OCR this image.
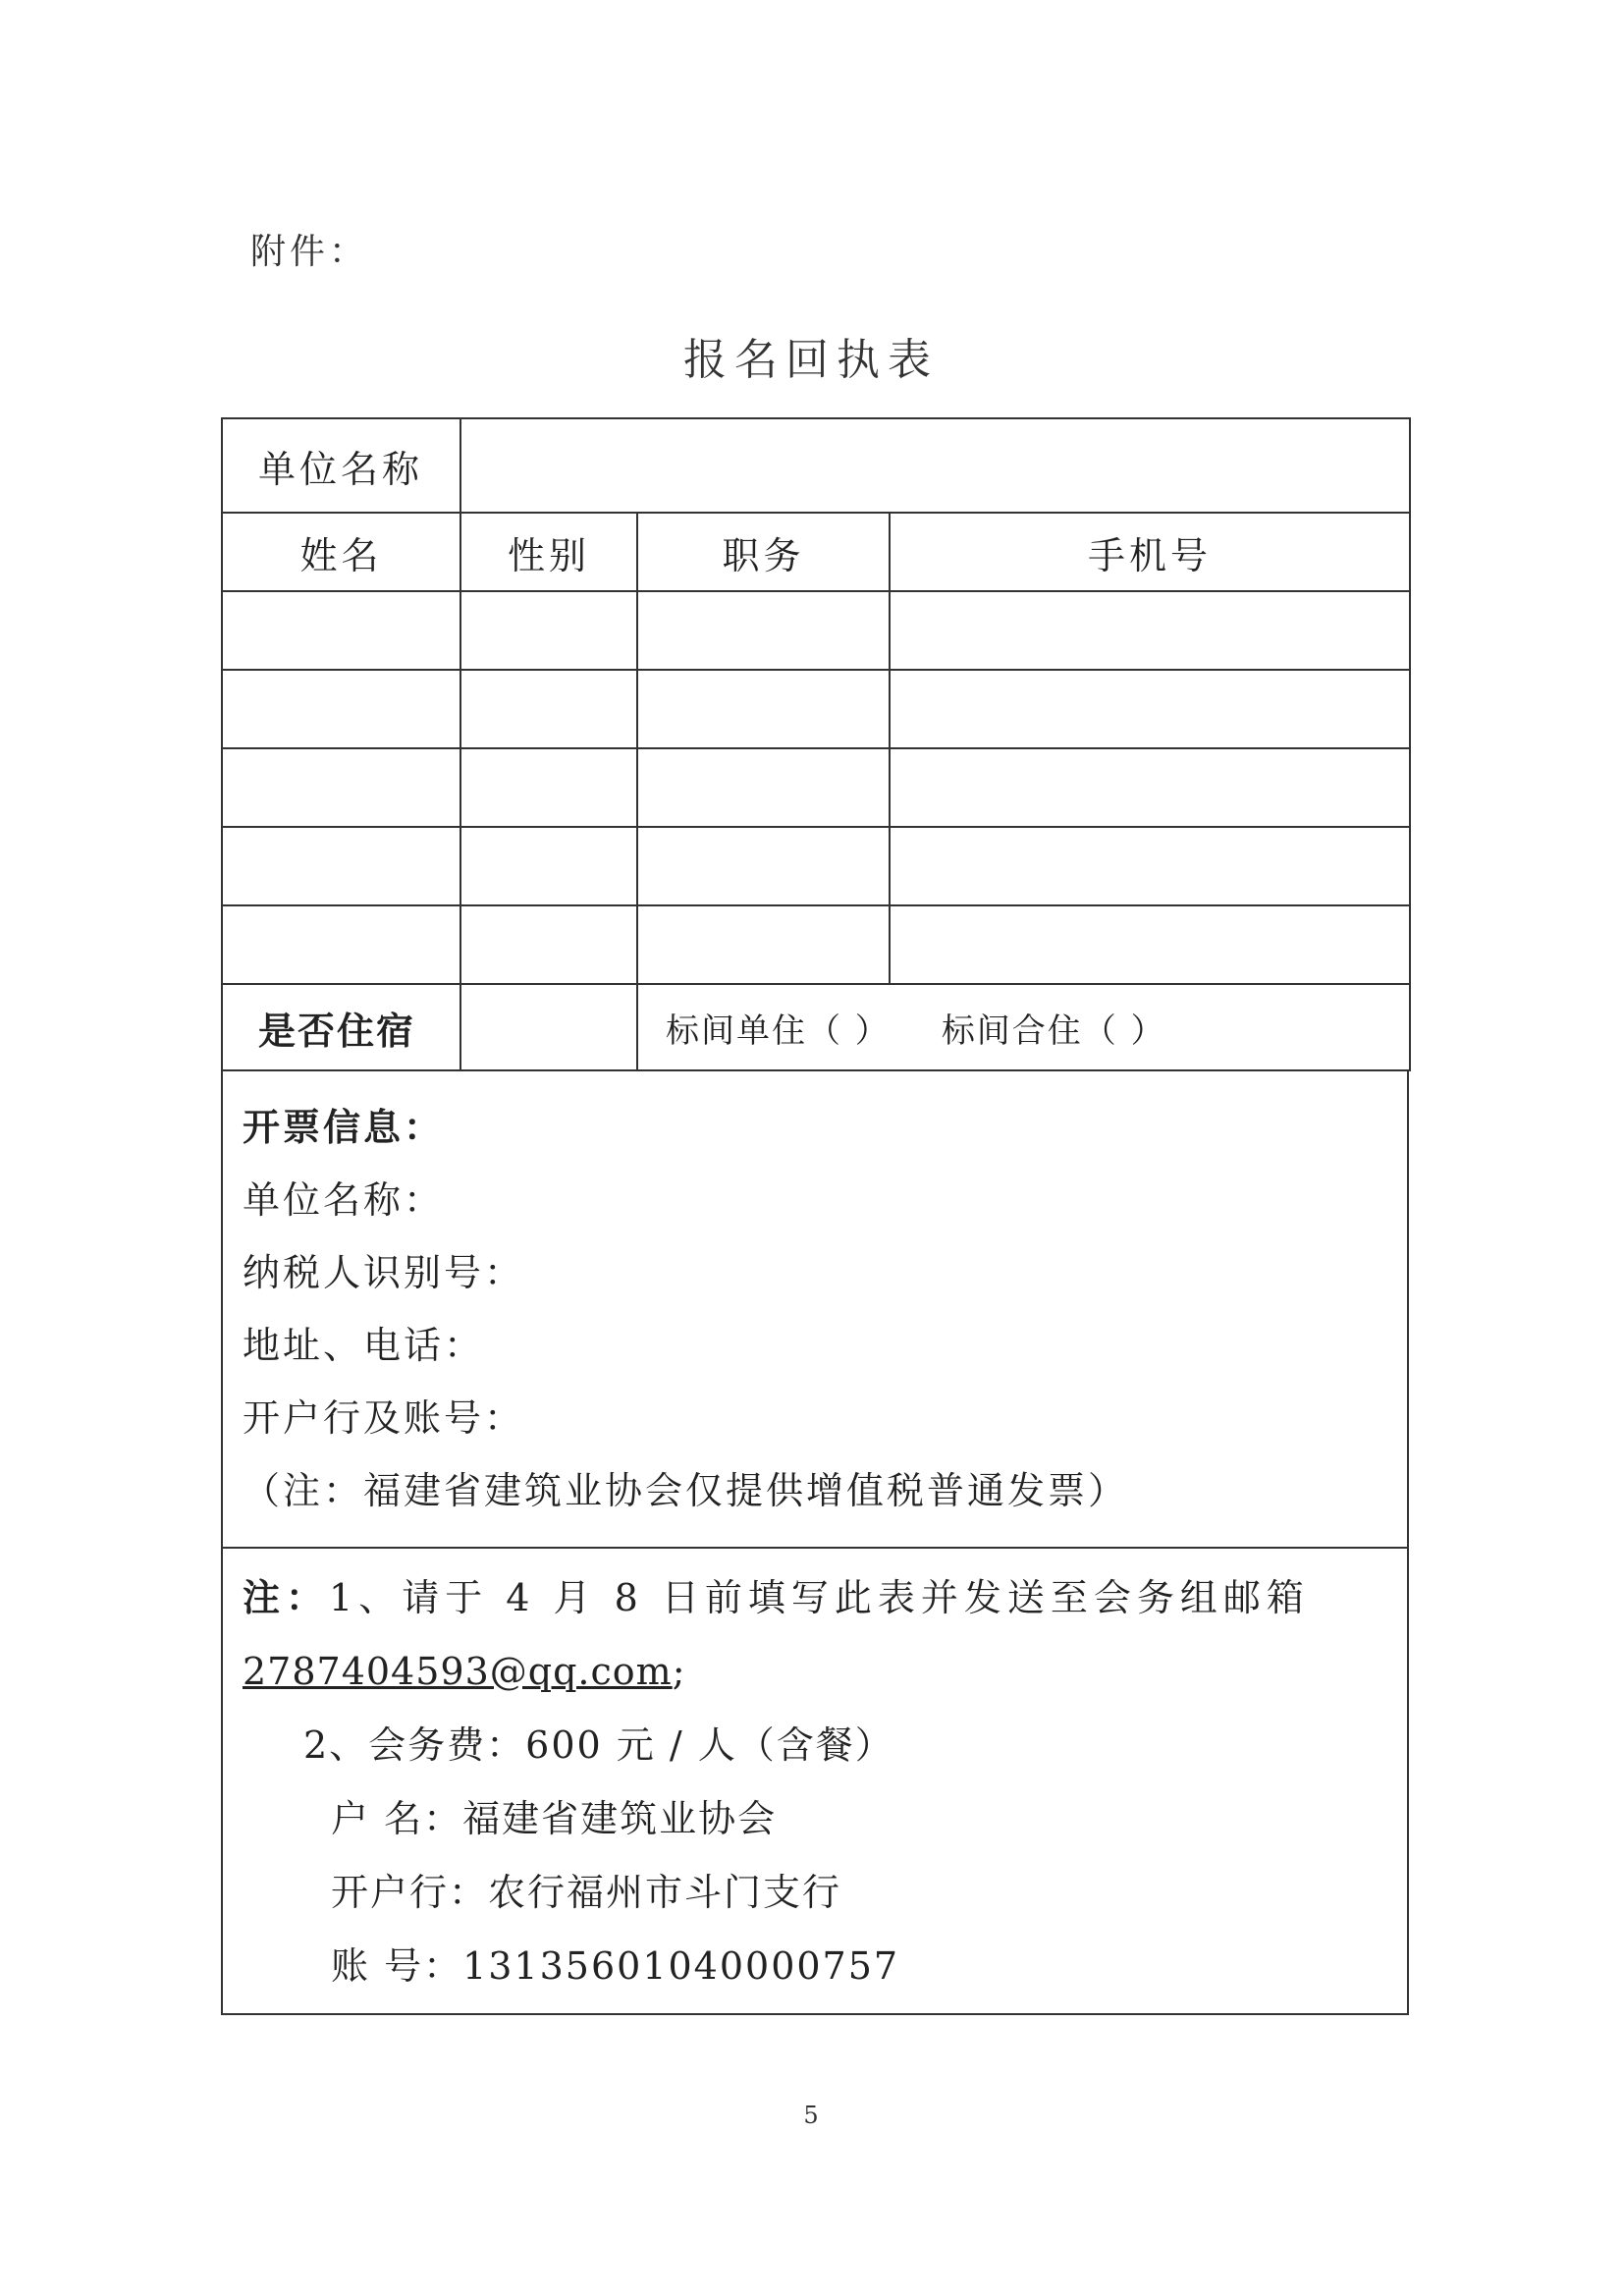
附件：
报名回执表
单位名称			
姓名	性别	职务	手机号

是否住宿		标间单住（ ） 标间合住（ ）	
开票信息：
单位名称：
纳税人识别号：
地址、电话：
开户行及账号：
（注：福建省建筑业协会仅提供增值税普通发票）
注：1、请于 4 月 8 日前填写此表并发送至会务组邮箱
2787404593@qq.com;
2、会务费：600 元 / 人（含餐）
户 名：福建省建筑业协会
开户行：农行福州市斗门支行
账 号：13135601040000757
5
